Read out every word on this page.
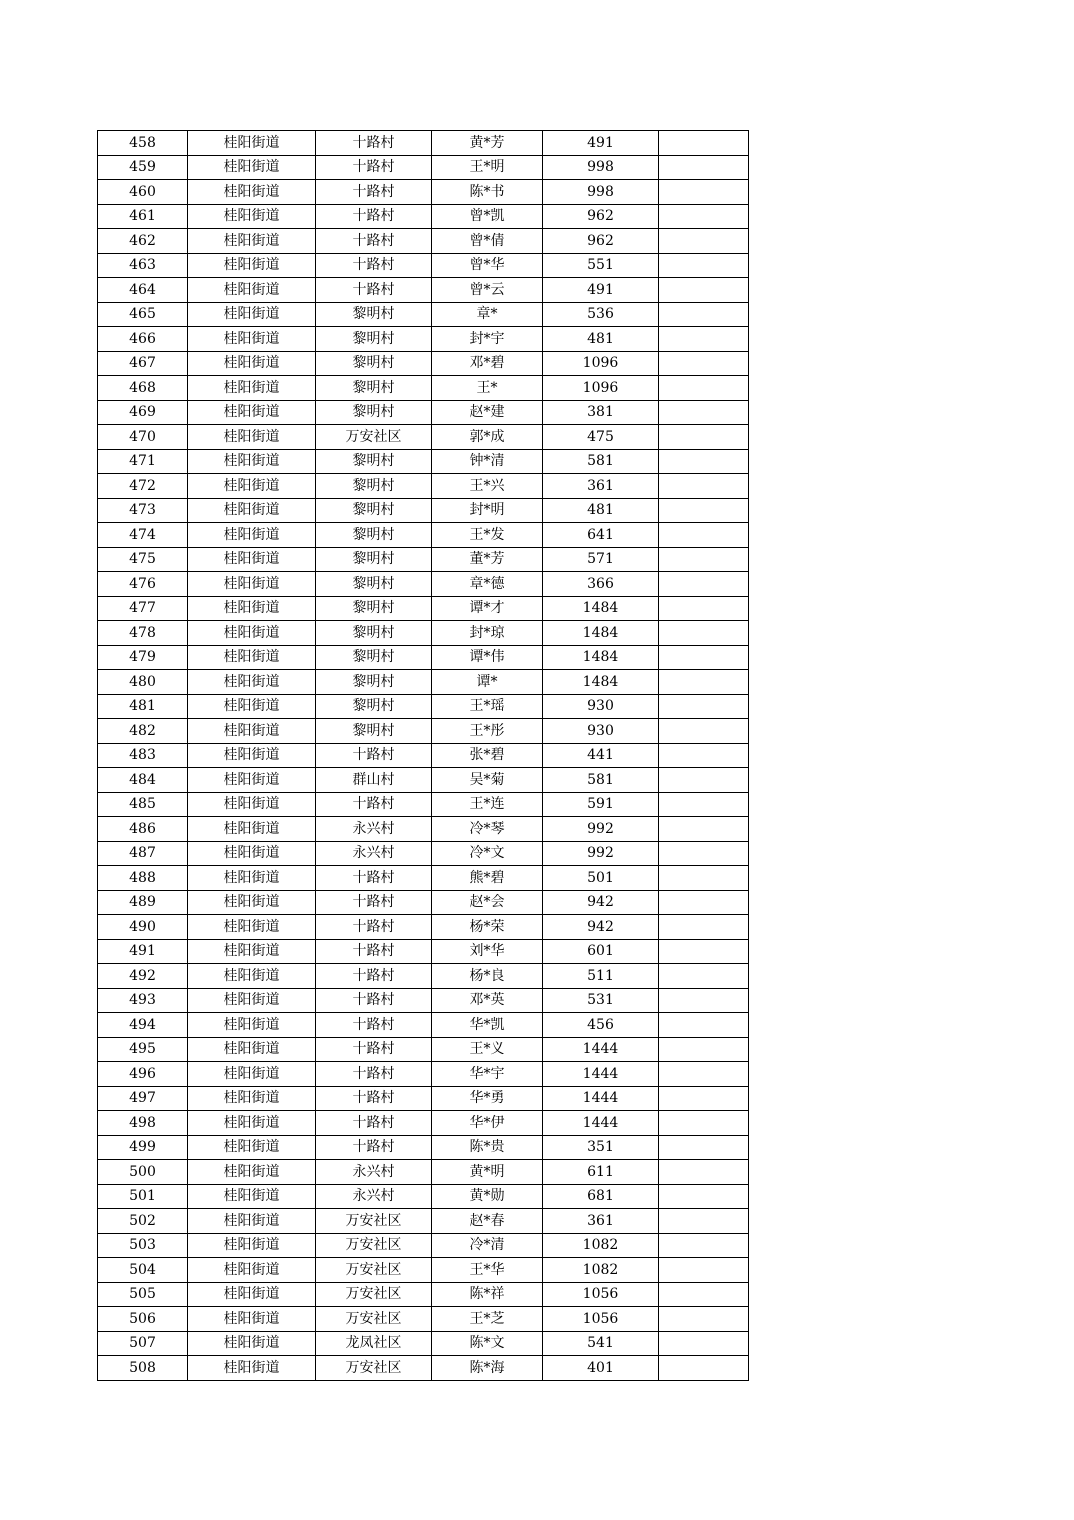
458	桂阳街道	十路村	黄*芳	491	
459	桂阳街道	十路村	王*明	998	
460	桂阳街道	十路村	陈*书	998	
461	桂阳街道	十路村	曾*凯	962	
462	桂阳街道	十路村	曾*倩	962	
463	桂阳街道	十路村	曾*华	551	
464	桂阳街道	十路村	曾*云	491	
465	桂阳街道	黎明村	章*	536	
466	桂阳街道	黎明村	封*宇	481	
467	桂阳街道	黎明村	邓*碧	1096	
468	桂阳街道	黎明村	王*	1096	
469	桂阳街道	黎明村	赵*建	381	
470	桂阳街道	万安社区	郭*成	475	
471	桂阳街道	黎明村	钟*清	581	
472	桂阳街道	黎明村	王*兴	361	
473	桂阳街道	黎明村	封*明	481	
474	桂阳街道	黎明村	王*发	641	
475	桂阳街道	黎明村	董*芳	571	
476	桂阳街道	黎明村	章*德	366	
477	桂阳街道	黎明村	谭*才	1484	
478	桂阳街道	黎明村	封*琼	1484	
479	桂阳街道	黎明村	谭*伟	1484	
480	桂阳街道	黎明村	谭*	1484	
481	桂阳街道	黎明村	王*瑶	930	
482	桂阳街道	黎明村	王*彤	930	
483	桂阳街道	十路村	张*碧	441	
484	桂阳街道	群山村	吴*菊	581	
485	桂阳街道	十路村	王*连	591	
486	桂阳街道	永兴村	冷*琴	992	
487	桂阳街道	永兴村	冷*文	992	
488	桂阳街道	十路村	熊*碧	501	
489	桂阳街道	十路村	赵*会	942	
490	桂阳街道	十路村	杨*荣	942	
491	桂阳街道	十路村	刘*华	601	
492	桂阳街道	十路村	杨*良	511	
493	桂阳街道	十路村	邓*英	531	
494	桂阳街道	十路村	华*凯	456	
495	桂阳街道	十路村	王*义	1444	
496	桂阳街道	十路村	华*宇	1444	
497	桂阳街道	十路村	华*勇	1444	
498	桂阳街道	十路村	华*伊	1444	
499	桂阳街道	十路村	陈*贵	351	
500	桂阳街道	永兴村	黄*明	611	
501	桂阳街道	永兴村	黄*勋	681	
502	桂阳街道	万安社区	赵*春	361	
503	桂阳街道	万安社区	冷*清	1082	
504	桂阳街道	万安社区	王*华	1082	
505	桂阳街道	万安社区	陈*祥	1056	
506	桂阳街道	万安社区	王*芝	1056	
507	桂阳街道	龙凤社区	陈*文	541	
508	桂阳街道	万安社区	陈*海	401	
